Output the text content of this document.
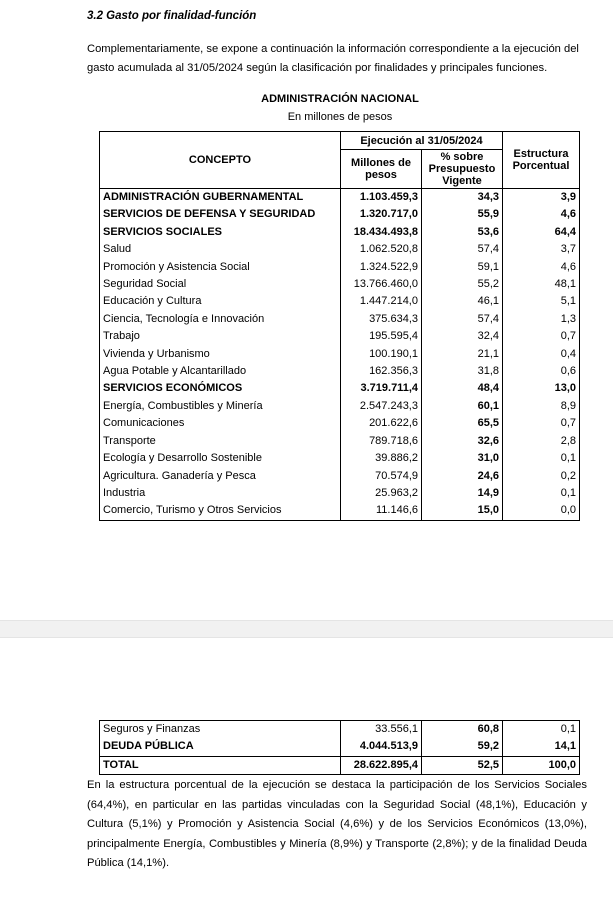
3.2 Gasto por finalidad-función
Complementariamente, se expone a continuación la información correspondiente a la ejecución del gasto acumulada al 31/05/2024 según la clasificación por finalidades y principales funciones.
ADMINISTRACIÓN NACIONAL
En millones de pesos
CONCEPTO	Ejecución al 31/05/2024		Estructura Porcentual
	Millones de pesos	% sobre Presupuesto Vigente	
ADMINISTRACIÓN GUBERNAMENTAL	1.103.459,3	34,3	3,9
SERVICIOS DE DEFENSA Y SEGURIDAD	1.320.717,0	55,9	4,6
SERVICIOS SOCIALES	18.434.493,8	53,6	64,4
Salud	1.062.520,8	57,4	3,7
Promoción y Asistencia Social	1.324.522,9	59,1	4,6
Seguridad Social	13.766.460,0	55,2	48,1
Educación y Cultura	1.447.214,0	46,1	5,1
Ciencia, Tecnología e Innovación	375.634,3	57,4	1,3
Trabajo	195.595,4	32,4	0,7
Vivienda y Urbanismo	100.190,1	21,1	0,4
Agua Potable y Alcantarillado	162.356,3	31,8	0,6
SERVICIOS ECONÓMICOS	3.719.711,4	48,4	13,0
Energía, Combustibles y Minería	2.547.243,3	60,1	8,9
Comunicaciones	201.622,6	65,5	0,7
Transporte	789.718,6	32,6	2,8
Ecología y Desarrollo Sostenible	39.886,2	31,0	0,1
Agricultura. Ganadería y Pesca	70.574,9	24,6	0,2
Industria	25.963,2	14,9	0,1
Comercio, Turismo y Otros Servicios	11.146,6	15,0	0,0
Seguros y Finanzas	33.556,1	60,8	0,1
DEUDA PÚBLICA	4.044.513,9	59,2	14,1
TOTAL	28.622.895,4	52,5	100,0
En la estructura porcentual de la ejecución se destaca la participación de los Servicios Sociales (64,4%), en particular en las partidas vinculadas con la Seguridad Social (48,1%), Educación y Cultura (5,1%) y Promoción y Asistencia Social (4,6%) y de los Servicios Económicos (13,0%), principalmente Energía, Combustibles y Minería (8,9%) y Transporte (2,8%); y de la finalidad Deuda Pública (14,1%).
